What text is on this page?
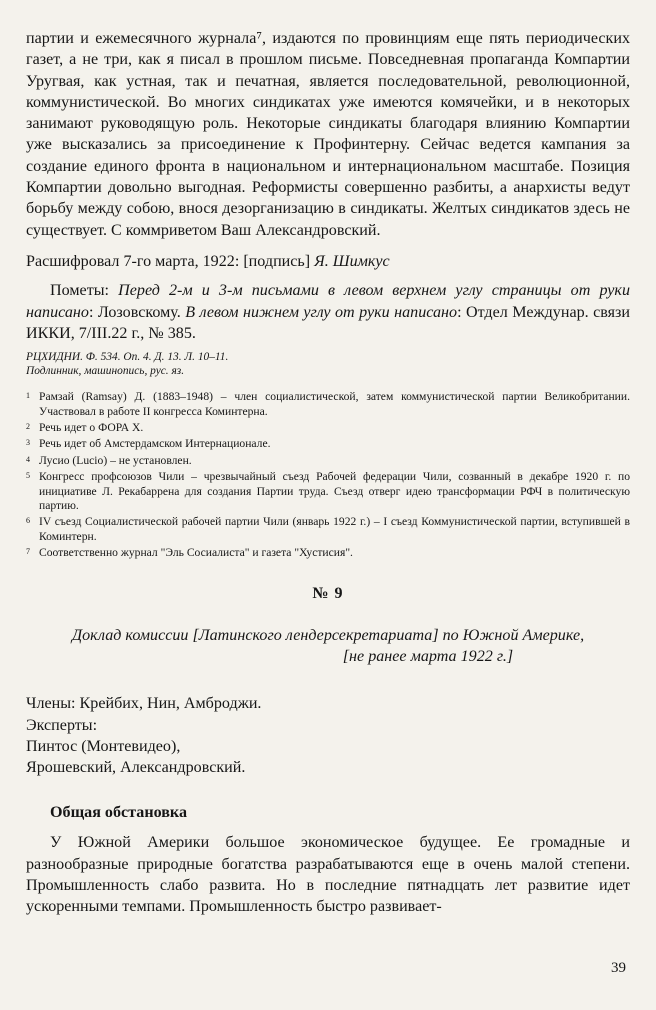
партии и ежемесячного журнала⁷, издаются по провинциям еще пять периодических газет, а не три, как я писал в прошлом письме. Повседневная пропаганда Компартии Уругвая, как устная, так и печатная, является последовательной, революционной, коммунистической. Во многих синдикатах уже имеются комячейки, и в некоторых занимают руководящую роль. Некоторые синдикаты благодаря влиянию Компартии уже высказались за присоединение к Профинтерну. Сейчас ведется кампания за создание единого фронта в национальном и интернациональном масштабе. Позиция Компартии довольно выгодная. Реформисты совершенно разбиты, а анархисты ведут борьбу между собою, внося дезорганизацию в синдикаты. Желтых синдикатов здесь не существует. С коммриветом Ваш Александровский.

Расшифровал 7-го марта, 1922: [подпись] Я. Шимкус

Пометы: Перед 2-м и 3-м письмами в левом верхнем углу страницы от руки написано: Лозовскому. В левом нижнем углу от руки написано: Отдел Междунар. связи ИККИ, 7/III.22 г., № 385.

РЦХИДНИ. Ф. 534. Оп. 4. Д. 13. Л. 10–11.
Подлинник, машинопись, рус. яз.
1 Рамзай (Ramsay) Д. (1883–1948) – член социалистической, затем коммунистической партии Великобритании. Участвовал в работе II конгресса Коминтерна.
2 Речь идет о ФОРА X.
3 Речь идет об Амстердамском Интернационале.
4 Лусио (Lucio) – не установлен.
5 Конгресс профсоюзов Чили – чрезвычайный съезд Рабочей федерации Чили, созванный в декабре 1920 г. по инициативе Л. Рекабаррена для создания Партии труда. Съезд отверг идею трансформации РФЧ в политическую партию.
6 IV съезд Социалистической рабочей партии Чили (январь 1922 г.) – I съезд Коммунистической партии, вступившей в Коминтерн.
7 Соответственно журнал "Эль Сосиалиста" и газета "Хустисия".
№ 9
Доклад комиссии [Латинского лендерсекретариата] по Южной Америке,
[не ранее марта 1922 г.]
Члены: Крейбих, Нин, Амброджи.
Эксперты:
Пинтос (Монтевидео),
Ярошевский, Александровский.
Общая обстановка

У Южной Америки большое экономическое будущее. Ее громадные и разнообразные природные богатства разрабатываются еще в очень малой степени. Промышленность слабо развита. Но в последние пятнадцать лет развитие идет ускоренными темпами. Промышленность быстро развивает-

39
